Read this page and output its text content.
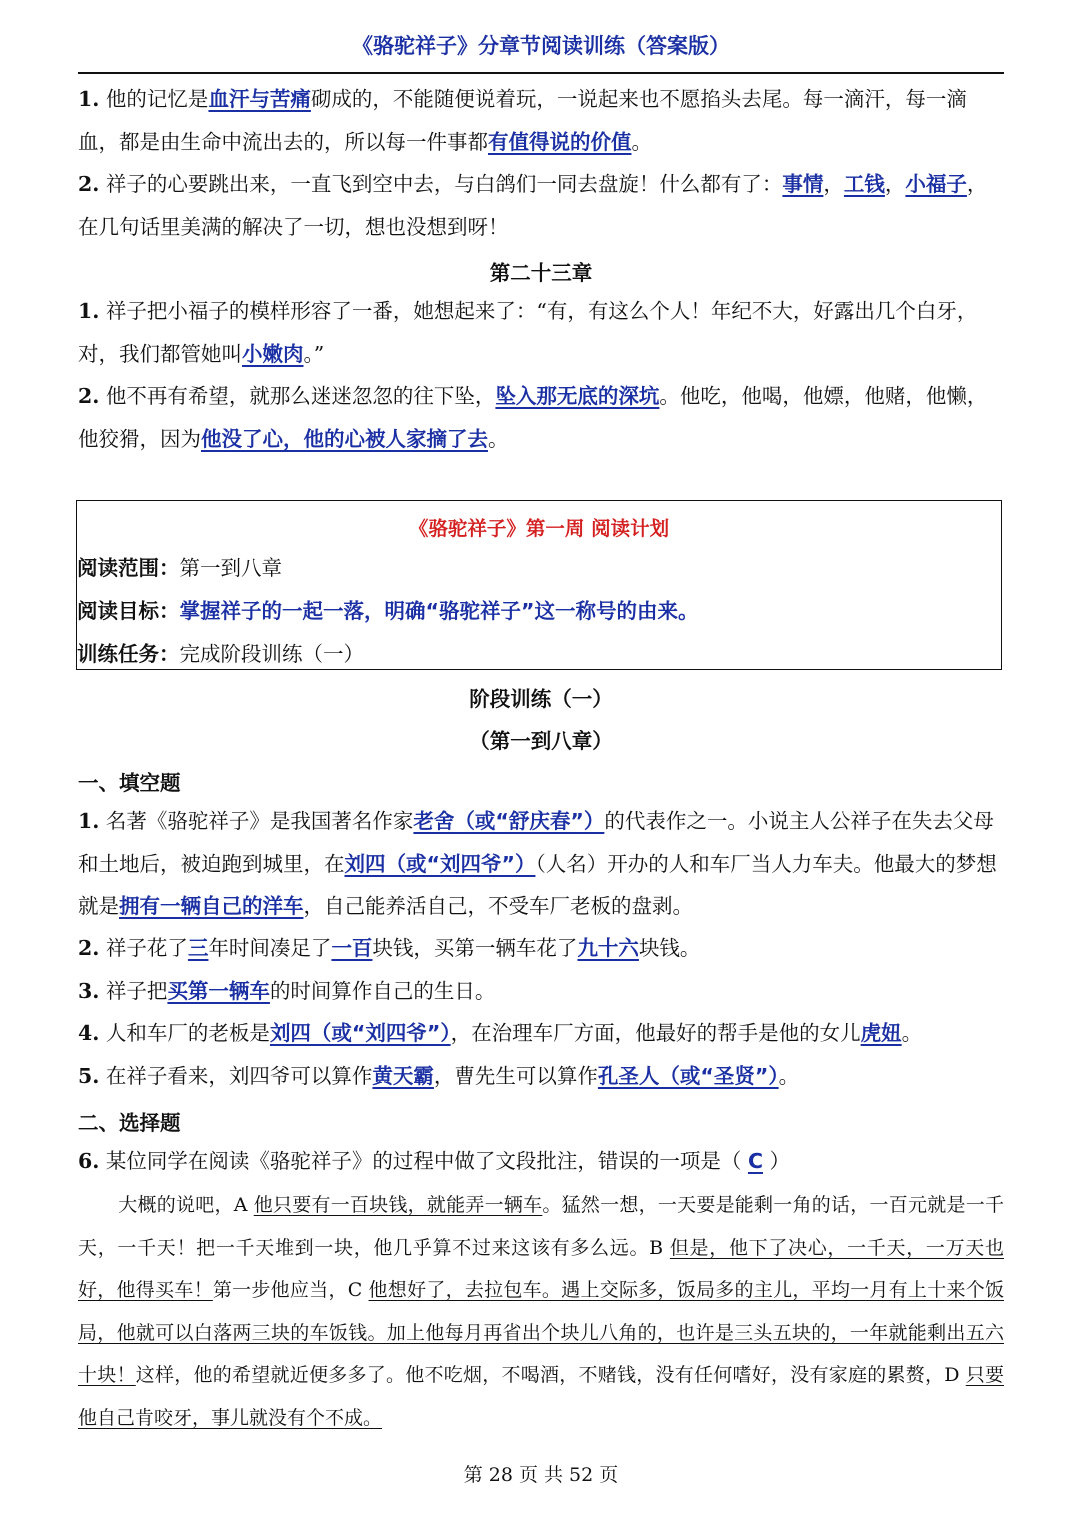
《骆驼祥子》分章节阅读训练（答案版）
1. 他的记忆是血汗与苦痛砌成的，不能随便说着玩，一说起来也不愿掐头去尾。每一滴汗，每一滴血，都是由生命中流出去的，所以每一件事都有值得说的价值。
2. 祥子的心要跳出来，一直飞到空中去，与白鸽们一同去盘旋！什么都有了：事情，工钱，小福子，在几句话里美满的解决了一切，想也没想到呀！
第二十三章
1. 祥子把小福子的模样形容了一番，她想起来了：“有，有这么个人！年纪不大，好露出几个白牙，对，我们都管她叫小嫩肉。”
2. 他不再有希望，就那么迷迷忽忽的往下坠，坠入那无底的深坑。他吃，他喝，他嫖，他赌，他懒，他狡猾，因为他没了心，他的心被人家摘了去。
《骆驼祥子》第一周 阅读计划
阅读范围：第一到八章
阅读目标：掌握祥子的一起一落，明确“骆驼祥子”这一称号的由来。
训练任务：完成阶段训练（一）
阶段训练（一）
（第一到八章）
一、填空题
1. 名著《骆驼祥子》是我国著名作家老舍（或“舒庆春”）的代表作之一。小说主人公祥子在失去父母和土地后，被迫跑到城里，在刘四（或“刘四爷”）（人名）开办的人和车厂当人力车夫。他最大的梦想就是拥有一辆自己的洋车，自己能养活自己，不受车厂老板的盘剥。
2. 祥子花了三年时间凑足了一百块钱，买第一辆车花了九十六块钱。
3. 祥子把买第一辆车的时间算作自己的生日。
4. 人和车厂的老板是刘四（或“刘四爷”），在治理车厂方面，他最好的帮手是他的女儿虎妞。
5. 在祥子看来，刘四爷可以算作黄天霸，曹先生可以算作孔圣人（或“圣贤”）。
二、选择题
6. 某位同学在阅读《骆驼祥子》的过程中做了文段批注，错误的一项是（ C ）
大概的说吧，A 他只要有一百块钱，就能弄一辆车。猛然一想，一天要是能剩一角的话，一百元就是一千天，一千天！把一千天堆到一块，他几乎算不过来这该有多么远。B 但是，他下了决心，一千天，一万天也好，他得买车！第一步他应当，C 他想好了，去拉包车。遇上交际多，饭局多的主儿，平均一月有上十来个饭局，他就可以白落两三块的车饭钱。加上他每月再省出个块儿八角的，也许是三头五块的，一年就能剩出五六十块！这样，他的希望就近便多多了。他不吃烟，不喝酒，不赌钱，没有任何嗜好，没有家庭的累赘，D 只要他自己肯咬牙，事儿就没有个不成。
第 28 页 共 52 页
